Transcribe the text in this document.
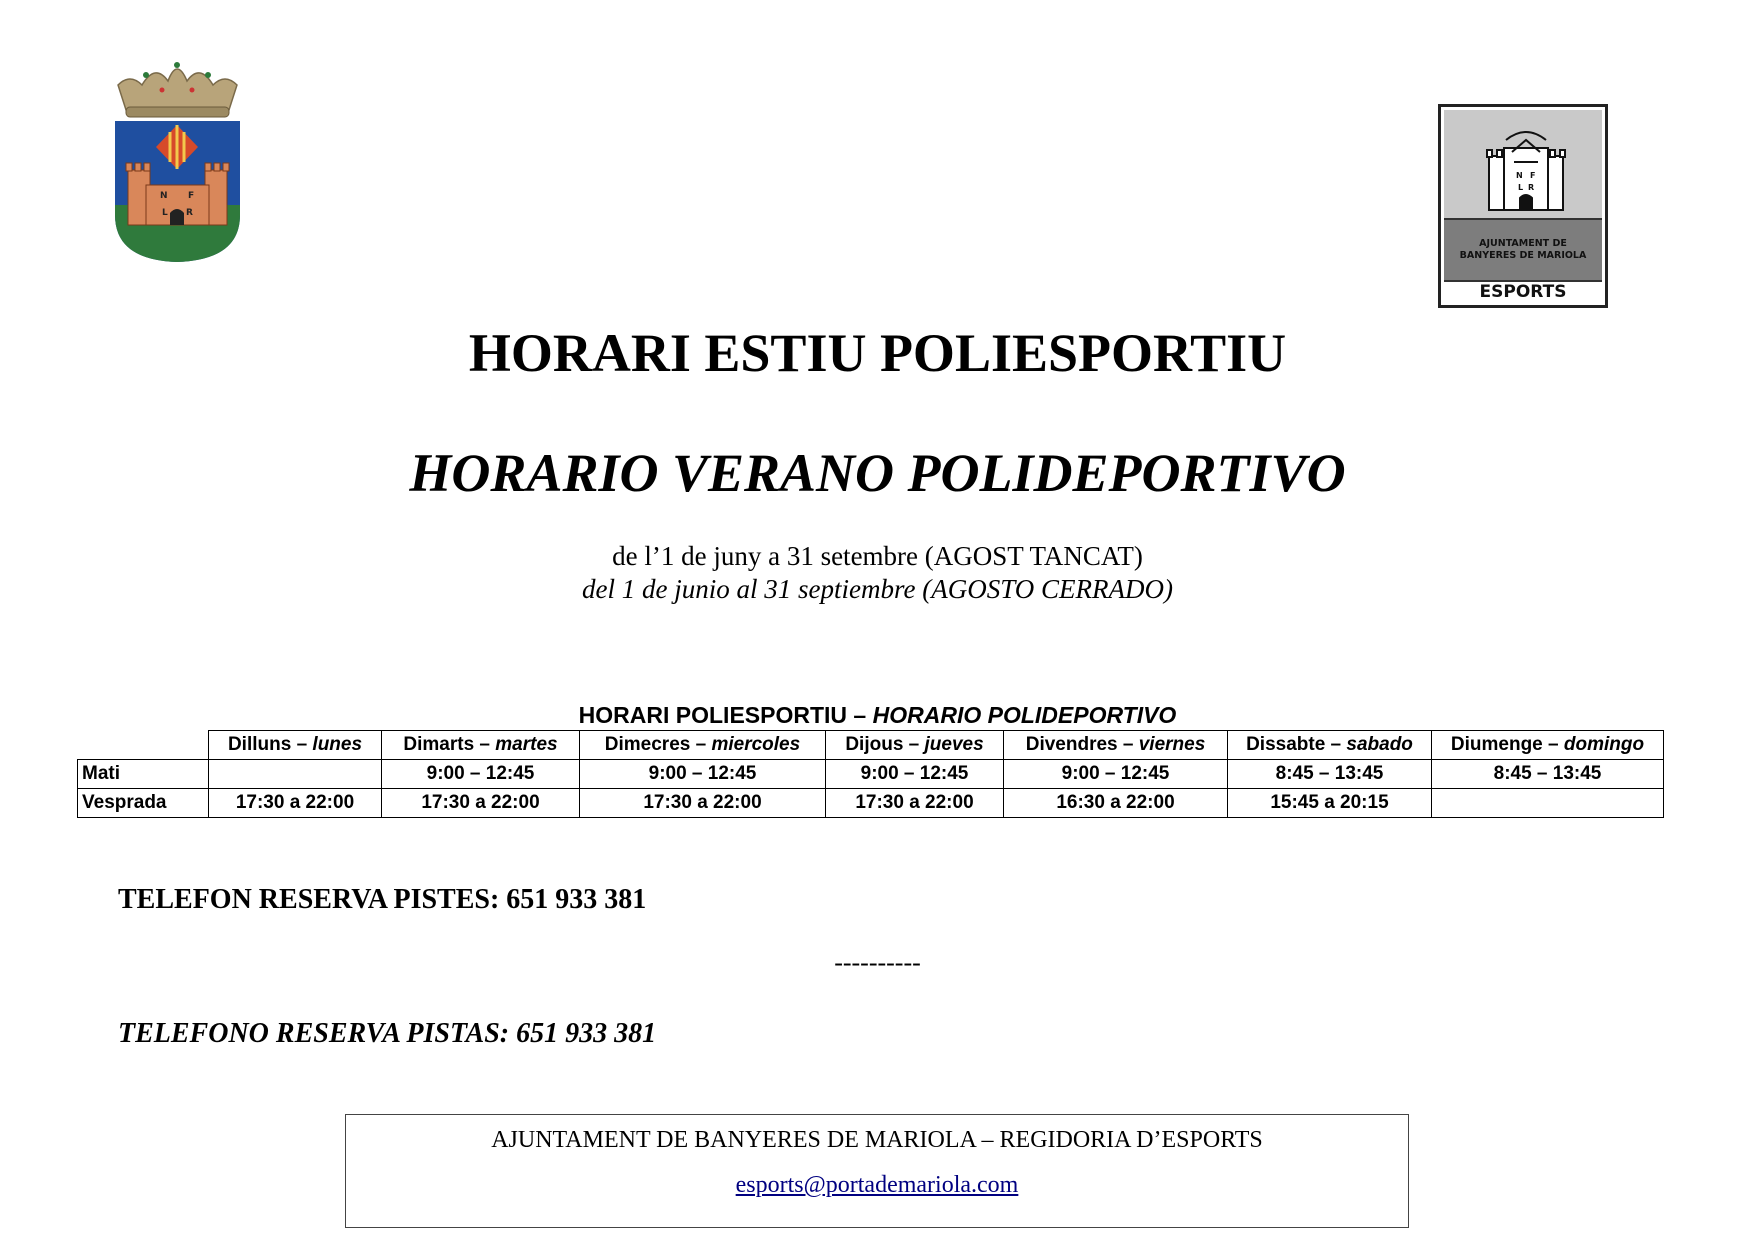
N F
L R
N F
L R
AJUNTAMENT DE
BANYERES DE MARIOLA
ESPORTS
HORARI ESTIU POLIESPORTIU
HORARIO VERANO POLIDEPORTIVO
de l’1 de juny a 31 setembre (AGOST TANCAT)
del 1 de junio al 31 septiembre (AGOSTO CERRADO)
HORARI POLIESPORTIU – HORARIO POLIDEPORTIVO
	Dilluns – lunes	Dimarts – martes	Dimecres – miercoles	Dijous – jueves	Divendres – viernes	Dissabte – sabado	Diumenge – domingo
Mati		9:00 – 12:45	9:00 – 12:45	9:00 – 12:45	9:00 – 12:45	8:45 – 13:45	8:45 – 13:45
Vesprada	17:30 a 22:00	17:30 a 22:00	17:30 a 22:00	17:30 a 22:00	16:30 a 22:00	15:45 a 20:15	
TELEFON RESERVA PISTES: 651 933 381
----------
TELEFONO RESERVA PISTAS: 651 933 381
AJUNTAMENT DE BANYERES DE MARIOLA – REGIDORIA D’ESPORTS
esports@portademariola.com
